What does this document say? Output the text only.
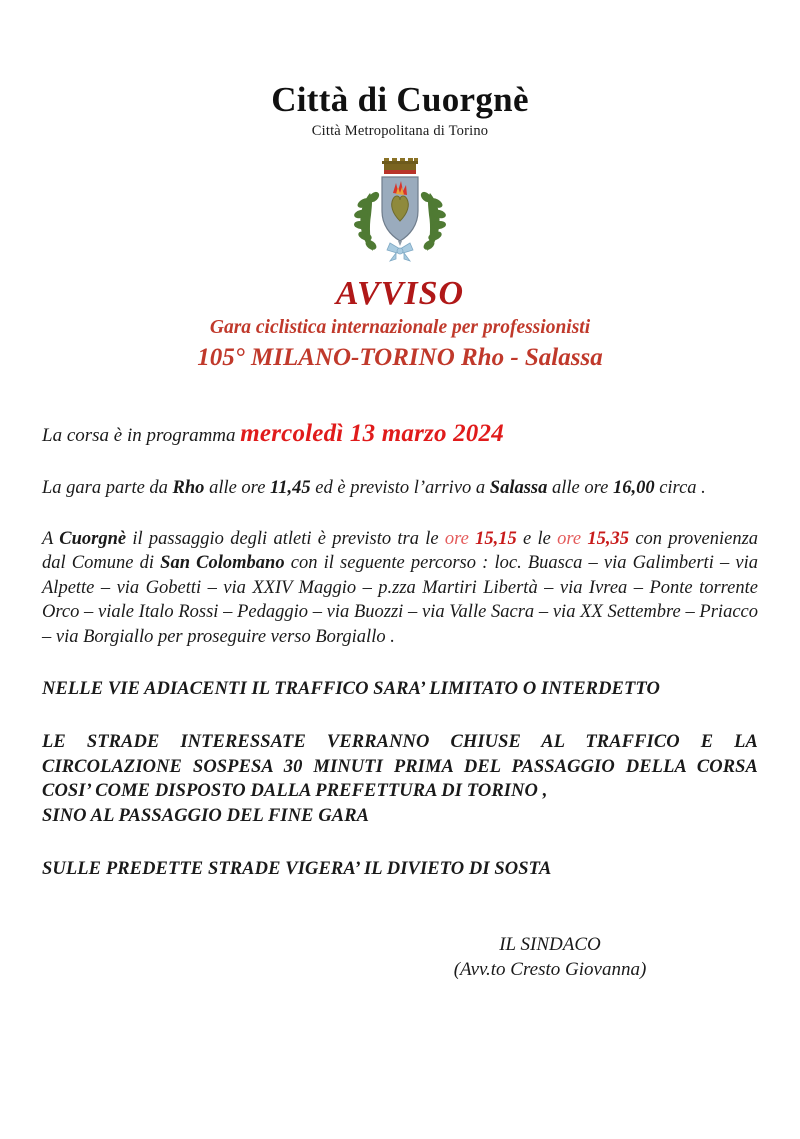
Città di Cuorgnè
Città Metropolitana di Torino
AVVISO
Gara ciclistica internazionale per professionisti
105° MILANO-TORINO Rho - Salassa

La corsa è in programma mercoledì 13 marzo 2024

La gara parte da Rho alle ore 11,45 ed è previsto l’arrivo a Salassa alle ore 16,00 circa .

A Cuorgnè il passaggio degli atleti è previsto tra le ore 15,15 e le ore 15,35 con provenienza dal Comune di San Colombano con il seguente percorso : loc. Buasca – via Galimberti – via Alpette – via Gobetti – via XXIV Maggio – p.zza Martiri Libertà – via Ivrea – Ponte torrente Orco – viale Italo Rossi – Pedaggio – via Buozzi – via Valle Sacra – via XX Settembre – Priacco – via Borgiallo per proseguire verso Borgiallo .

NELLE VIE ADIACENTI IL TRAFFICO SARA’ LIMITATO O INTERDETTO
LE STRADE INTERESSATE VERRANNO CHIUSE AL TRAFFICO E LA CIRCOLAZIONE SOSPESA 30 MINUTI PRIMA DEL PASSAGGIO DELLA CORSA COSI’ COME DISPOSTO DALLA PREFETTURA DI TORINO ,
SINO AL PASSAGGIO DEL FINE GARA
SULLE PREDETTE STRADE VIGERA’ IL DIVIETO DI SOSTA
IL SINDACO
(Avv.to Cresto Giovanna)
